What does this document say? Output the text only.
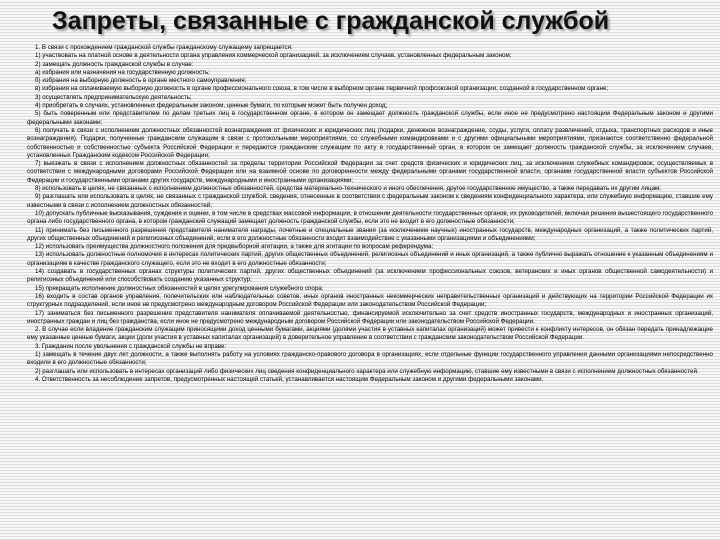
Запреты, связанные с гражданской службой

1. В связи с прохождением гражданской службы гражданскому служащему запрещается:

1) участвовать на платной основе в деятельности органа управления коммерческой организацией, за исключением случаев, установленных федеральным законом;

2) замещать должность гражданской службы в случае:

а) избрания или назначения на государственную должность;

б) избрания на выборную должность в органе местного самоуправления;

в) избрания на оплачиваемую выборную должность в органе профессионального союза, в том числе в выборном органе первичной профсоюзной организации, созданной в государственном органе;

3) осуществлять предпринимательскую деятельность;

4) приобретать в случаях, установленных федеральным законом, ценные бумаги, по которым может быть получен доход;

5) быть поверенным или представителем по делам третьих лиц в государственном органе, в котором он замещает должность гражданской службы, если иное не предусмотрено настоящим Федеральным законом и другими федеральными законами;

6) получать в связи с исполнением должностных обязанностей вознаграждения от физических и юридических лиц (подарки, денежное вознаграждение, ссуды, услуги, оплату развлечений, отдыха, транспортных расходов и иные вознаграждения). Подарки, полученные гражданским служащим в связи с протокольными мероприятиями, со служебными командировками и с другими официальными мероприятиями, признаются соответственно федеральной собственностью и собственностью субъекта Российской Федерации и передаются гражданским служащим по акту в государственный орган, в котором он замещает должность гражданской службы, за исключением случаев, установленных Гражданским кодексом Российской Федерации;

7) выезжать в связи с исполнением должностных обязанностей за пределы территории Российской Федерации за счет средств физических и юридических лиц, за исключением служебных командировок, осуществляемых в соответствии с международными договорами Российской Федерации или на взаимной основе по договоренности между федеральными органами государственной власти, органами государственной власти субъектов Российской Федерации и государственными органами других государств, международными и иностранными организациями;

8) использовать в целях, не связанных с исполнением должностных обязанностей, средства материально-технического и иного обеспечения, другое государственное имущество, а также передавать их другим лицам;

9) разглашать или использовать в целях, не связанных с гражданской службой, сведения, отнесенные в соответствии с федеральным законом к сведениям конфиденциального характера, или служебную информацию, ставшие ему известными в связи с исполнением должностных обязанностей;

10) допускать публичные высказывания, суждения и оценки, в том числе в средствах массовой информации, в отношении деятельности государственных органов, их руководителей, включая решения вышестоящего государственного органа либо государственного органа, в котором гражданский служащий замещает должность гражданской службы, если это не входит в его должностные обязанности;

11) принимать без письменного разрешения представителя нанимателя награды, почетные и специальные звания (за исключением научных) иностранных государств, международных организаций, а также политических партий, других общественных объединений и религиозных объединений, если в его должностные обязанности входит взаимодействие с указанными организациями и объединениями;

12) использовать преимущества должностного положения для предвыборной агитации, а также для агитации по вопросам референдума;

13) использовать должностные полномочия в интересах политических партий, других общественных объединений, религиозных объединений и иных организаций, а также публично выражать отношение к указанным объединениям и организациям в качестве гражданского служащего, если это не входит в его должностные обязанности;

14) создавать в государственных органах структуры политических партий, других общественных объединений (за исключением профессиональных союзов, ветеранских и иных органов общественной самодеятельности) и религиозных объединений или способствовать созданию указанных структур;

15) прекращать исполнение должностных обязанностей в целях урегулирования служебного спора;

16) входить в состав органов управления, попечительских или наблюдательных советов, иных органов иностранных некоммерческих неправительственных организаций и действующих на территории Российской Федерации их структурных подразделений, если иное не предусмотрено международным договором Российской Федерации или законодательством Российской Федерации;

17) заниматься без письменного разрешения представителя нанимателя оплачиваемой деятельностью, финансируемой исключительно за счет средств иностранных государств, международных и иностранных организаций, иностранных граждан и лиц без гражданства, если иное не предусмотрено международным договором Российской Федерации или законодательством Российской Федерации.

2. В случае если владение гражданским служащим приносящими доход ценными бумагами, акциями (долями участия в уставных капиталах организаций) может привести к конфликту интересов, он обязан передать принадлежащие ему указанные ценные бумаги, акции (доли участия в уставных капиталах организаций) в доверительное управление в соответствии с гражданским законодательством Российской Федерации.

3. Гражданин после увольнения с гражданской службы не вправе:

1) замещать в течение двух лет должности, а также выполнять работу на условиях гражданско-правового договора в организациях, если отдельные функции государственного управления данными организациями непосредственно входили в его должностные обязанности;

2) разглашать или использовать в интересах организаций либо физических лиц сведения конфиденциального характера или служебную информацию, ставшие ему известными в связи с исполнением должностных обязанностей.

4. Ответственность за несоблюдение запретов, предусмотренных настоящей статьей, устанавливается настоящим Федеральным законом и другими федеральными законами.
